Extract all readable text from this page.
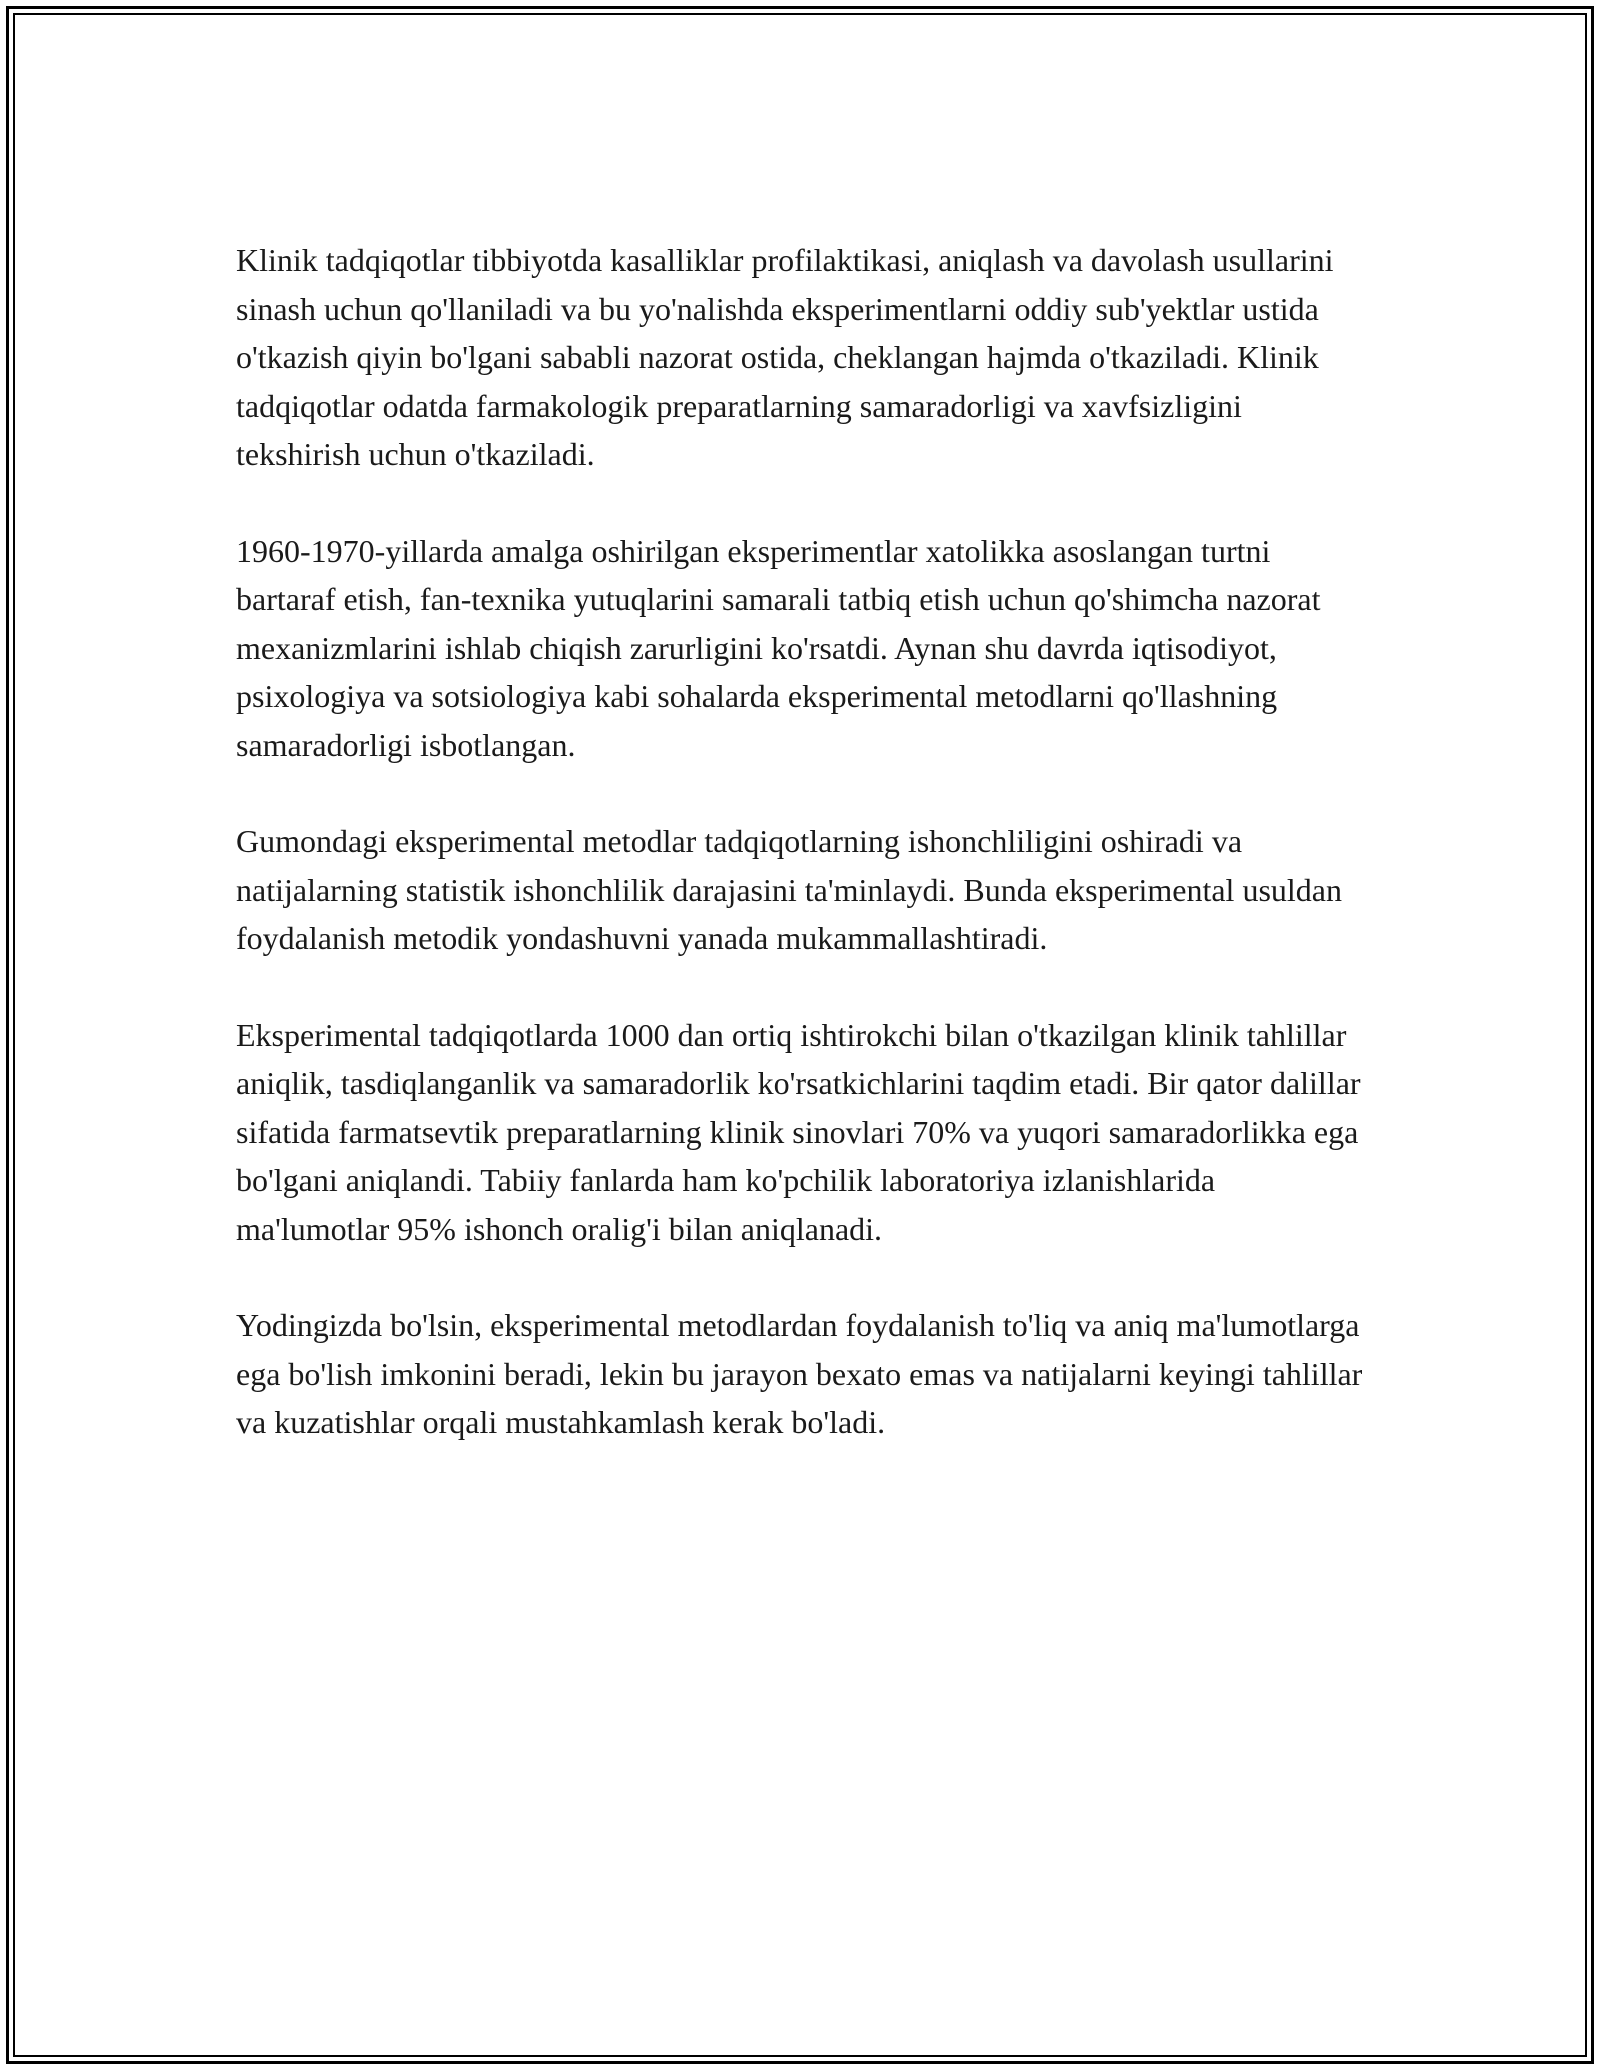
Klinik tadqiqotlar tibbiyotda kasalliklar profilaktikasi, aniqlash va davolash usullarini sinash uchun qo'llaniladi va bu yo'nalishda eksperimentlarni oddiy sub'yektlar ustida o'tkazish qiyin bo'lgani sababli nazorat ostida, cheklangan hajmda o'tkaziladi. Klinik tadqiqotlar odatda farmakologik preparatlarning samaradorligi va xavfsizligini tekshirish uchun o'tkaziladi.

1960-1970-yillarda amalga oshirilgan eksperimentlar xatolikka asoslangan turtni bartaraf etish, fan-texnika yutuqlarini samarali tatbiq etish uchun qo'shimcha nazorat mexanizmlarini ishlab chiqish zarurligini ko'rsatdi. Aynan shu davrda iqtisodiyot, psixologiya va sotsiologiya kabi sohalarda eksperimental metodlarni qo'llashning samaradorligi isbotlangan.

Gumondagi eksperimental metodlar tadqiqotlarning ishonchliligini oshiradi va natijalarning statistik ishonchlilik darajasini ta'minlaydi. Bunda eksperimental usuldan foydalanish metodik yondashuvni yanada mukammallashtiradi.

Eksperimental tadqiqotlarda 1000 dan ortiq ishtirokchi bilan o'tkazilgan klinik tahlillar aniqlik, tasdiqlanganlik va samaradorlik ko'rsatkichlarini taqdim etadi. Bir qator dalillar sifatida farmatsevtik preparatlarning klinik sinovlari 70% va yuqori samaradorlikka ega bo'lgani aniqlandi. Tabiiy fanlarda ham ko'pchilik laboratoriya izlanishlarida ma'lumotlar 95% ishonch oralig'i bilan aniqlanadi.

Yodingizda bo'lsin, eksperimental metodlardan foydalanish to'liq va aniq ma'lumotlarga ega bo'lish imkonini beradi, lekin bu jarayon bexato emas va natijalarni keyingi tahlillar va kuzatishlar orqali mustahkamlash kerak bo'ladi.
